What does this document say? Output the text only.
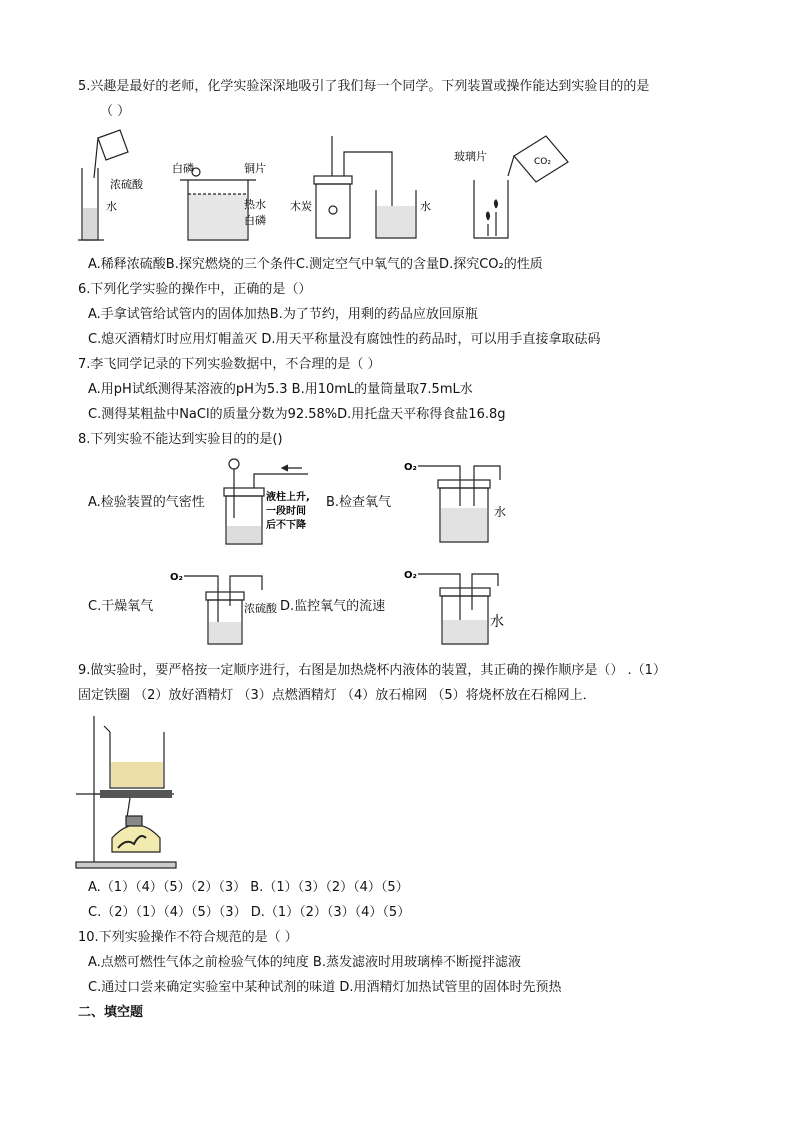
5.兴趣是最好的老师，化学实验深深地吸引了我们每一个同学。下列装置或操作能达到实验目的的是
（ ）
浓硫酸
水
白磷	铜片
热水
白磷
木炭	水
玻璃片	CO₂
A.稀释浓硫酸B.探究燃烧的三个条件C.测定空气中氧气的含量D.探究CO₂的性质
6.下列化学实验的操作中，正确的是（）
A.手拿试管给试管内的固体加热B.为了节约，用剩的药品应放回原瓶
C.熄灭酒精灯时应用灯帽盖灭 D.用天平称量没有腐蚀性的药品时，可以用手直接拿取砝码
7.李飞同学记录的下列实验数据中，不合理的是（ ）
A.用pH试纸测得某溶液的pH为5.3 B.用10mL的量筒量取7.5mL水
C.测得某粗盐中NaCl的质量分数为92.58%D.用托盘天平称得食盐16.8g
8.下列实验不能达到实验目的的是()
A.检验装置的气密性	液柱上升,
一段时间
后不下降
B.检查氧气
O₂
水
C.干燥氧气
O₂
浓硫酸 D.监控氧气的流速
O₂
水
9.做实验时，要严格按一定顺序进行，右图是加热烧杯内液体的装置，其正确的操作顺序是（） .（1）
固定铁圈 （2）放好酒精灯 （3）点燃酒精灯 （4）放石棉网 （5）将烧杯放在石棉网上．
A.（1）（4）（5）（2）（3） B.（1）（3）（2）（4）（5）
C.（2）（1）（4）（5）（3） D.（1）（2）（3）（4）（5）
10.下列实验操作不符合规范的是（ ）
A.点燃可燃性气体之前检验气体的纯度 B.蒸发滤液时用玻璃棒不断搅拌滤液
C.通过口尝来确定实验室中某种试剂的味道 D.用酒精灯加热试管里的固体时先预热
二、填空题
